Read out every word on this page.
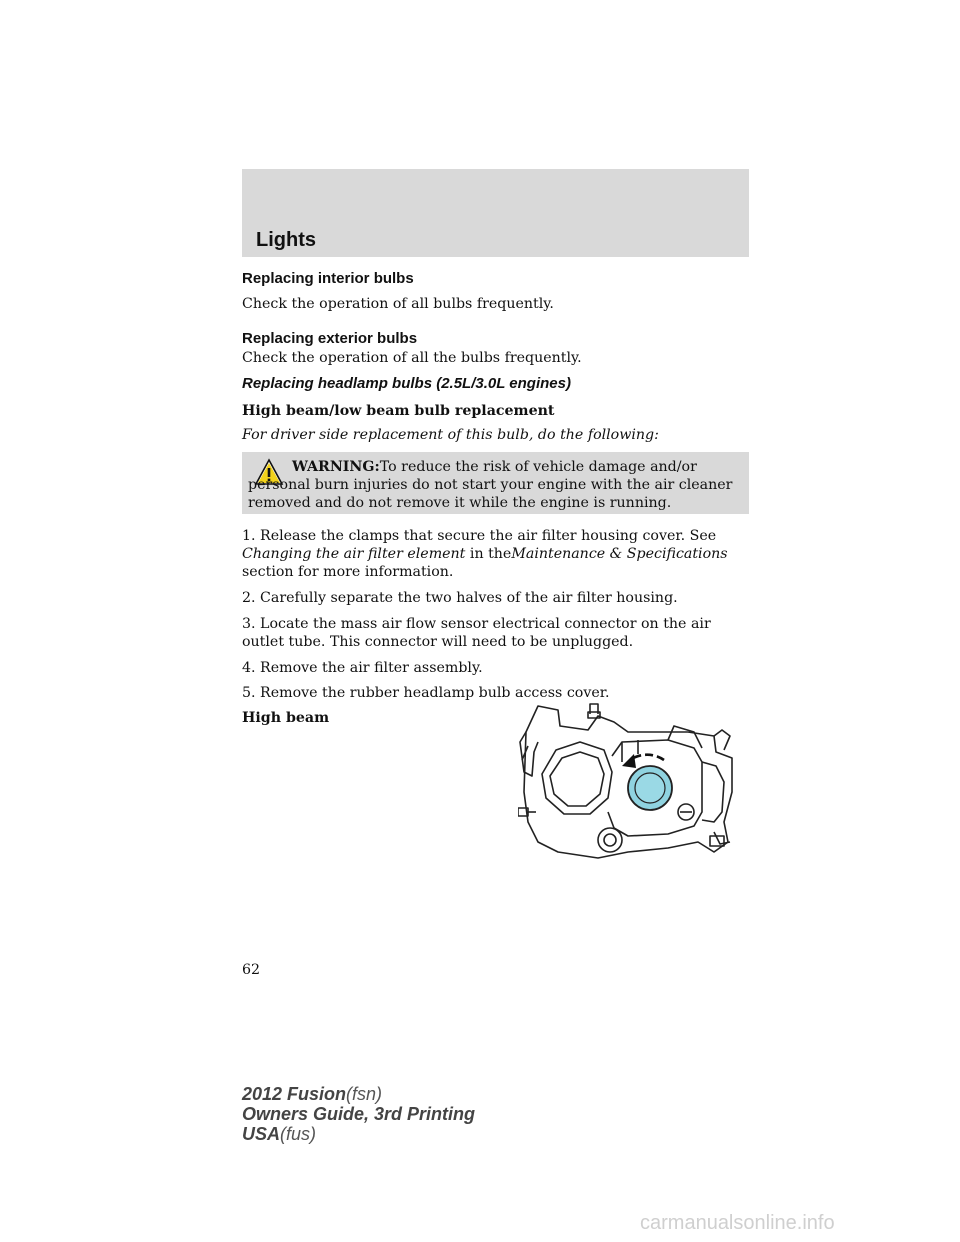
Lights
Replacing interior bulbs
Check the operation of all bulbs frequently.
Replacing exterior bulbs
Check the operation of all the bulbs frequently.
Replacing headlamp bulbs (2.5L/3.0L engines)
High beam/low beam bulb replacement
For driver side replacement of this bulb, do the following:
WARNING:To reduce the risk of vehicle damage and/or personal burn injuries do not start your engine with the air cleaner removed and do not remove it while the engine is running.
1. Release the clamps that secure the air filter housing cover. See
Changing the air filter element in theMaintenance & Specifications
section for more information.
2. Carefully separate the two halves of the air filter housing.
3. Locate the mass air flow sensor electrical connector on the air outlet tube. This connector will need to be unplugged.
4. Remove the air filter assembly.
5. Remove the rubber headlamp bulb access cover.
High beam
62
2012 Fusion(fsn)
Owners Guide, 3rd Printing
USA(fus)
carmanualsonline.info
